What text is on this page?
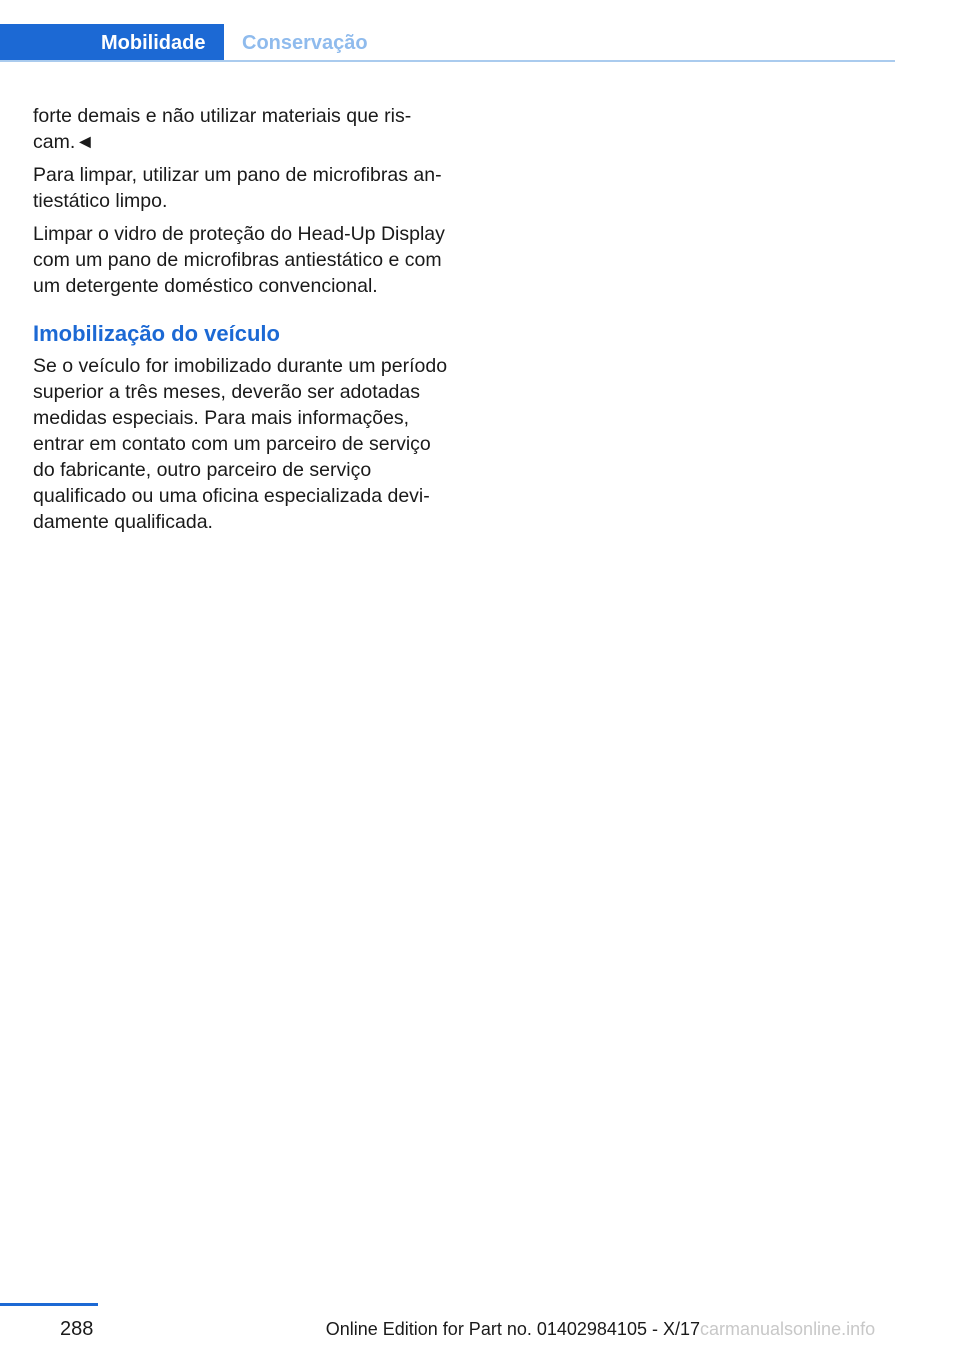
Mobilidade	Conservação

forte demais e não utilizar materiais que riscam.◄

Para limpar, utilizar um pano de microfibras antiestático limpo.

Limpar o vidro de proteção do Head-Up Display com um pano de microfibras antiestático e com um detergente doméstico convencional.

Imobilização do veículo

Se o veículo for imobilizado durante um período superior a três meses, deverão ser adotadas medidas especiais. Para mais informações, entrar em contato com um parceiro de serviço do fabricante, outro parceiro de serviço qualificado ou uma oficina especializada devidamente qualificada.

288	Online Edition for Part no. 01402984105 - X/17 carmanualsonline.info
